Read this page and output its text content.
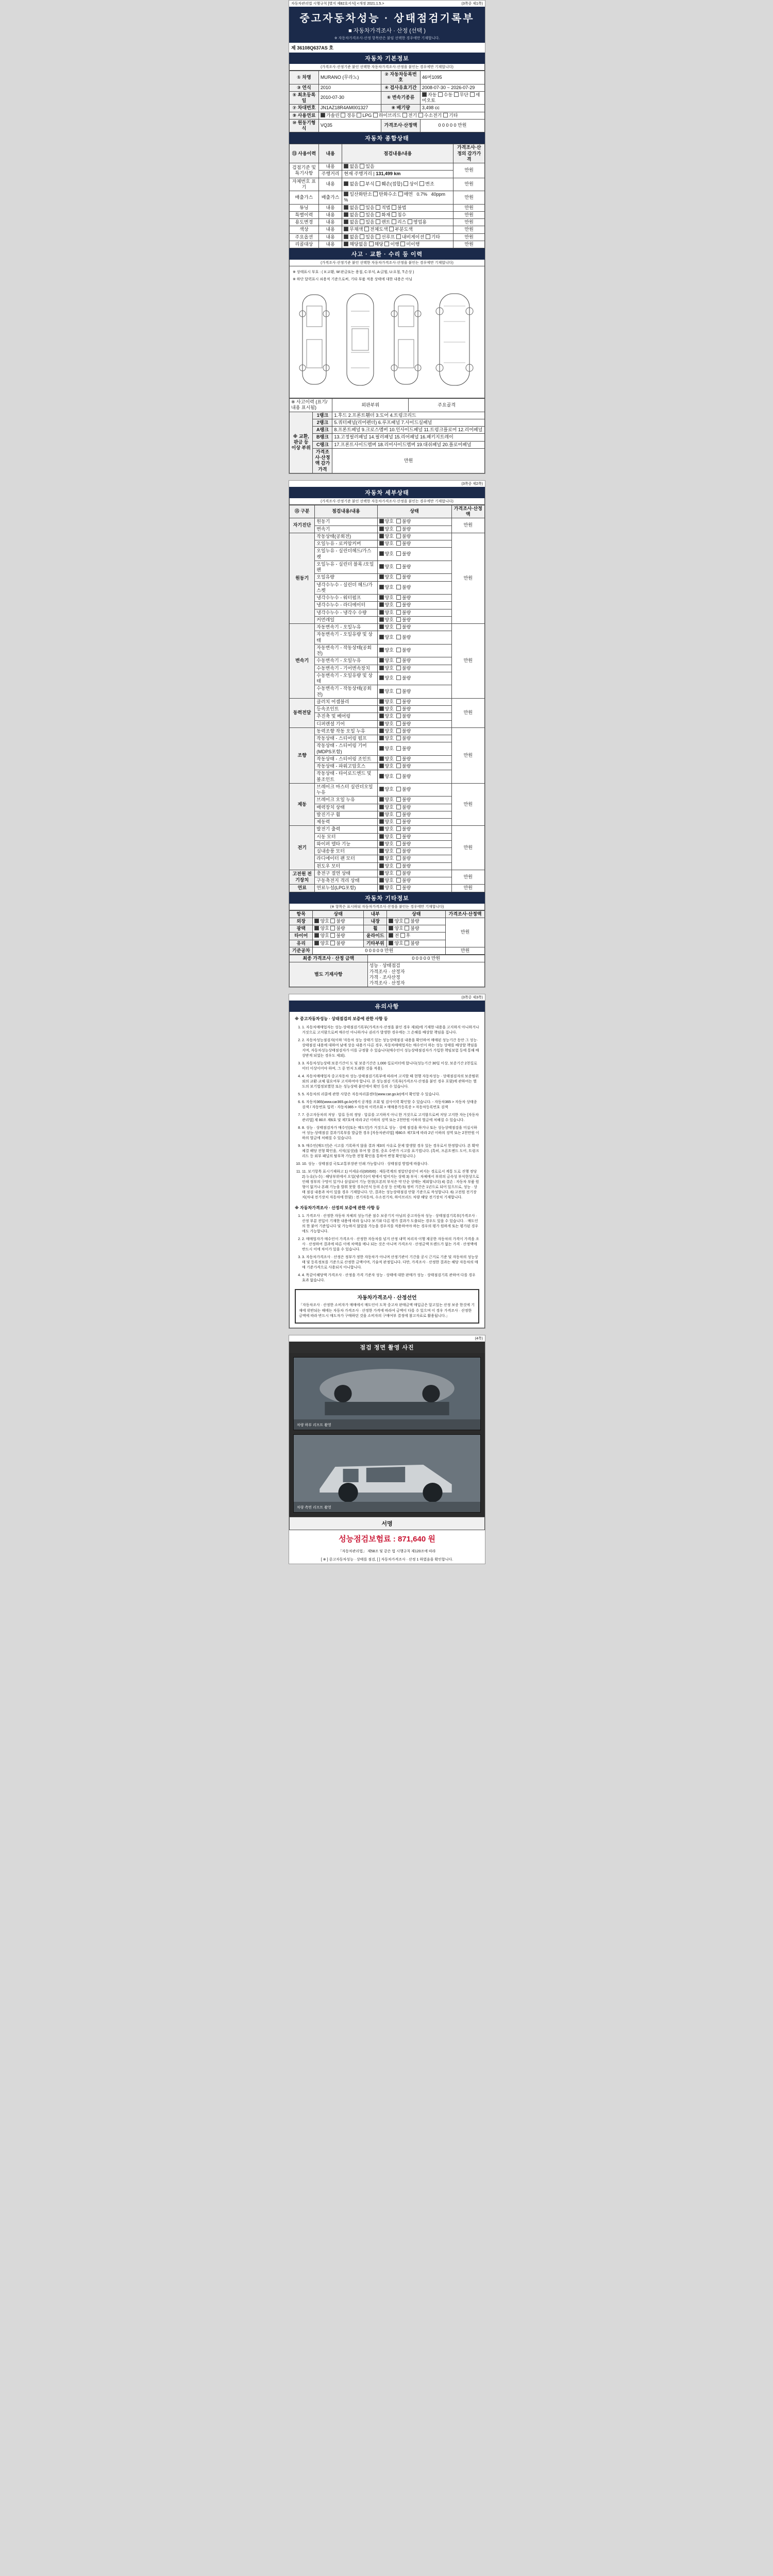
자동차관리법 시행규칙 [별지 제82호서식] <개정 2021.1.5.>	(3쪽중 제1쪽)
중고자동차성능 · 상태점검기록부
■ 자동차가격조사 · 산정 (선택 )
※ 자동차가격조사·산정 항목란은 붙임 선택한 경우에만 기재합니다.
제 36108Q637AS 호
자동차 기본정보
(가격조사·산정기준 붙인 선택한 자동차가격조사·산정을 붙인는 경우에만 기재합니다)
① 차명	MURANO (무라노)	② 자동차등록번호	46머1095
③ 연식	2010	④ 검사유효기간	2008-07-30 ~ 2026-07-29
⑤ 최초등록일	2010-07-30	⑥ 변속기종류	자동 수동 무단 세미오토
⑦ 차대번호	JN1AZ18R4AM001327	⑧ 배기량	3,498 cc
⑨ 사용연료	가솔린 경유 LPG 하이브리드 전기 수소전기 기타		
⑩ 원동기형식	VQ35	가격조사·산정액	0 0 0 0 0 만원
자동차 종합상태
⑬ 사용이력	내용	점검내용/내용	가격조사·산정의 감가가격
검점기준 및 특기사항	내용	없음 있음	만원
	주행거리	현재 주행거리 | 131,499 km	
자체번호 표기	내용	없음 부식 훼손(접합) 상이 변조	만원
배출가스	배출가스	일산화탄소 탄화수소 매연   0.7%   40ppm   %	만원
튜닝	내용	없음 있음 적법 불법	만원
특별이력	내용	없음 있음 화재 침수	만원
용도변경	내용	없음 있음 렌트 리스 영업용	만원
색상	내용	무채색 전체도색 부분도색	만원
주요옵션	내용	없음 있음 선루프 내비게이션 기타	만원
리콜대상	내용	해당없음 해당 이행 미이행	만원
사고 · 교환 · 수리 등 이력
(가격조사·산정기준 붙인 선택한 자동차가격조사·산정을 붙인는 경우에만 기재합니다)
※ 상태표시 부호 : ( X:교환, W:판금또는 용접, C:부식, A:긁힘, U:요철, T:손상 )
※ 하단 달력표시 쇠용적 기준으로써, 기타 부품 적용 상태에 대한 내용은 아님
※ 사고이력 (표기/내용 표시됨)		외판부위	주요골격
※ 교환, 판금 등 이상 부위	1랭크	1.후드 2.프론트휀더 3.도어 4.트렁크리드	
	2랭크	5.쿼터패널(리어펜더) 6.루프패널 7.사이드실패널	
	A랭크	8.프론트패널 9.크로스멤버 10.인사이드패널 11.트렁크플로어 12.리어패널	
	B랭크	13.고정필러패널 14.필러패널 15.리어패널 16.패키지트레이	
	C랭크	17.프론트사이드멤버 18.리어사이드멤버 19.대쉬패널 20.플로어패널	
	가격조사·산정액 감가가격	만원	
(3쪽중 제2쪽)
자동차 세부상태
(가격조사·산정기준 붙인 선택한 자동차가격조사·산정을 붙인는 경우에만 기재합니다)
⑮ 구분	점검내용/내용	상태	가격조사·산정액
자기진단	원동기	양호  불량	만원
	변속기	양호  불량	
원동기	작동상태(공회전)	양호  불량	만원
	오일누유 - 로커암커버	양호  불량	
	오일누유 - 실린더헤드/가스켓	양호  불량	
	오일누유 - 실린더 블록 /오일팬	양호  불량	
	오일유량	양호  불량	
	냉각수누수 - 실린더 헤드/가스켓	양호  불량	
	냉각수누수 - 워터펌프	양호  불량	
	냉각수누수 - 라디에이터	양호  불량	
	냉각수누수 - 냉각수 수량	양호  불량	
	커먼레일	양호  불량	
변속기	자동변속기 - 오일누유	양호  불량	만원
	자동변속기 - 오일유량 및 상태	양호  불량	
	자동변속기 - 작동상태(공회전)	양호  불량	
	수동변속기 - 오일누유	양호  불량	
	수동변속기 - 기어변속장치	양호  불량	
	수동변속기 - 오일유량 및 상태	양호  불량	
	수동변속기 - 작동상태(공회전)	양호  불량	
동력전달	클러치 어셈블리	양호  불량	만원
	등속조인트	양호  불량	
	추진축 및 베어링	양호  불량	
	디퍼렌셜 기어	양호  불량	
조향	동력조향 작동 오일 누유	양호  불량	만원
	작동상태 - 스티어링 펌프	양호  불량	
	작동상태 - 스티어링 기어(MDPS포함)	양호  불량	
	작동상태 - 스티어링 조인트	양호  불량	
	작동상태 - 파워고압호스	양호  불량	
	작동상태 - 타이로드엔드 및 볼조인트	양호  불량	
제동	브레이크 마스터 실린더오일 누유	양호  불량	만원
	브레이크 오일 누유	양호  불량	
	배력장치 상태	양호  불량	
	발진기구 휠	양호  불량	
	제동력	양호  불량	
전기	발전기 출력	양호  불량	만원
	시동 모터	양호  불량	
	와이퍼 델타 기능	양호  불량	
	실내송풍 모터	양호  불량	
	라디에이터 팬 모터	양호  불량	
	윈도우 모터	양호  불량	
고전원 전기장치	충전구 절연 상태	양호  불량	만원
	구동축전지 격리 상태	양호  불량	
연료	연료누설(LPG포함)	양호  불량	만원
자동차 기타정보
(※ 항목은 표시하되 자동차가격조사·산정을 붙인는 경우에만 기재합니다)
항목	상태	내부	상태	가격조사·산정액
외장	양호 불량	내장	양호 불량	만원
광택	양호 불량	휠	양호 불량	
타이어	양호 불량	윤라이드	전 후	
유리	양호 불량	기타부위	양호 불량	
기준공차	0 0 0 0 0 만원			만원
최종 가격조사 · 산정 금액	0 0 0 0 0 만원
별도 기재사항	성능 · 상태점검
가격조사 · 산정자
가격 · 조사산정
가격조사 · 산정자
(3쪽중 제3쪽)
유의사항
※ 중고자동차성능 · 상태점검의 보증에 관한 사항 등
1. 1. 자동차매매업자는 성능·상태점검기록부(가격조사·산정을 붙인 경우 제외)에 기재한 내용을 고지하지 아니하거나 거짓으로 고지함으로써 매수인 아니하거나 권리가 발생한 경우에는 그 손해를 배상할 책임을 집니다.
2. 2. 자동차성능점검자(이하 '자동차 성능 상태기 있는 성능상태점검 내용을 확인하여 매매된 성능기간 동안 그 성능·상태점검 내용에 대하여 남에 상응 내용가 다른 경우, 자동차매매업자는 매수인이 하는 성능 상태를 배상할 책임을 지며, 자동차성능상태점검자가 이를 규정함 수 있습니다(매수인이 성능상태점검자가 가입한 책임보험 등에 통해 배상받게 되었는 경우도 제외).
3. 3. 자동차성능상태 보증기간이 도 및 보증기간은 1,000 킬로미터에 합니다(성능기간 30일 이상, 보증기간 2천킬로미터 이상이어야 하며, 그 중 먼저 도래한 것을 적용).
4. 4. 자동차매매업자 중고자동차 성능·상태점검기록부에 따라여 고지할 때 현행 자동차성능 · 상태점검자의 보증범위 외의 교환·교체 필요여부 고지하여야 합니다. 본 성능점검 기록부(가격조사·산정을 붙인 경우 포함)에 관하여는 별도의 보기법정보별헌 또는 성능상태 붙인에서 확인 등의 수 있습니다.
5. 5. 자동차의 리콜에 관한 사항은 자동차리콜센터(www.car.go.kr)에서 확인할 수 있습니다.
6. 6. 자동차365(www.car365.go.kr)에서 공개를 조회 및 검사이력 확인할 수 있습니다. - 자동차365 > 자동차 상태종 검색 / 자동번호 입력 - 자동차365 > 자동차 이력조회 > 매매용가등록증 > 자동차등록번호 검색
7. 7. 중고자동차의 저당 · 압류 등의 정당 · 압류를 고지하지 아니 한 거짓으로 고지함으로써 저당 고지한 자는 [자동차관리법] 제 80조 제6호 및 제7호에 따라 2년 이하의 징역 또는 2천만원 이하의 벌금에 처해질 수 있습니다.
8. 8. 성능 · 상태점검자가 매수인(또는 매도인)가 거짓으로 성능 · 상태 점검을 하거나 또는 성능상태점검을 미실시하여 성능·상태점검 결과기록부를 발급한 경우 [자동차관리법] 제80조 제7호에 따라 2년 이하의 징역 또는 2천만원 이하의 벌금에 처해질 수 있습니다.
9. 9. 매수인(매도인)은 시고를 기록하지 않을 결과 제3의 사유로 문제 발생할 경우 있는 경우로서 한정합니다. 본 확약체결 해당 전형 확인을, 서식(실상)을 부여 할 결정, 중요 수반가 시고를 표기법니다. (특히, 프론트엔드 도어, 트렁크리드 등 외부 패널의 탈부착 가능한 전형 확인을 통하여 변형 확인됩니다.)
10. 10. 성능 · 상태점검 국토교통부장관 인쇄 가능합니다 · 상태점검 방법에 따릅니다.
11. 11. 보기항목 표시기재하고 1) 미세유리(0/0/0/0) : 제동력계의 정압단감산이 퍼지는 경로로서 계통 도로 진행 정당 2) 누유(누수) : 해당부위에서 오일(냉각수)이 밖에서 떨어지는 상태 3) 부식 : 차체에서 부위의 금속성 부식현상으로 인해 정부의 구멍이 있거나 삼설되어 기능 현장(오본의 부식은 약 단순 상태는 제외합니다) 4) 결손 : 자동차 부품 원형이 없거나 본래 기능을 발휘 못할 경우(인식 등의 손상 등 선택) 5) 정비 기간은 1년으로 되어 있으므로, 성능 · 상태 점검 내용과 차이 있을 경우 기재합니다. 단, 결과는 성능상태점검 안함 기준으로 작성합니다. 6) 고전원 전기장치(차내 전기장치 자동차에 한함) : 전기자동차, 수소전기차, 하이브리드 차량 해당 전기장치 기재합니다.
※ 자동차가격조사 · 산정의 보증에 관한 사항 등
1. 1. 가격조사 · 산정한 자동차 자체의 성능기준 점수 보증기지 아님의 중고자동차 성능 · 상태점검기록부(가격조사 · 산정 부분 전입이 기재한 내용에 따라 듭니다 보기와 다른 평가 결과가 도출되는 경우도 있을 수 있습니다. · 매도인의 한 붙어 기준입니다 및 가능하지 않았을 가능을 경우지를 적용하여야 하는 경우의 평가 원하게 또는 평가된 경우에도 가능합니다.
2. 2. 매매업자가 매수인이 가격조사 · 산정한 자동차를 넘겨 산정 내역 처리자 이행 제공한 자동차의 가격이 가격을 조사 · 산정하여 결과에 따른 이에 차액을 메나 되는 것은 아니며 가격조사 · 산정금액 트렌드가 없는 가격 · 산정액에 반드시 이에 차이가 있을 수 있습니다.
3. 3. 자동차가격조사 · 산정은 정부가 정한 자동차가 아니며 산정기관이 기간을 공시 근거로 기준 및 자동차의 성능상태 및 등록정보를 기준으로 산정한 금액이며, 기술적 판정입니다. 다만, 가격조사 · 산정한 결과는 해당 자동차의 매매 기준가격으로 사용되지 아니합니다.
4. 4. 똑같이해당액 가격조사 · 산정을 가격 기준자 성능 · 상태에 대한 판매가 성능 · 상태점검기록 관하여 다를 경우 효과 없습니다.
자동차가격조사 · 산정선언
「자동차조사 · 산정한 소비자가 매매에서 매도인이 도착 중고차 판매금액 매입금은 알고있는 산정 보증 한것에 기재에 위반되는 때에는 자동차 가격조사 · 산정한 가격에 따라여 금액이 다를 수 있으며 이 경우 가격조사 · 산정한 금액에 따라 반드시 매도자가 구매하던 것을 소비자의 구매여부 결정에 참고자료로 활용됩니다.」
(4쪽)
점검 정면 촬영 사진
차량 하부 리프트 촬영
차량 측면 리프트 촬영
서명
성능점검보험료 : 871,640 원
「자동차관리법」 제58조 및 같은 법 시행규칙 제120조에 따라
[ ※ ] 중고자동차성능 · 상태를 점검, [ ] 자동차가격조사 · 산정 1 하였음을 확인합니다.
